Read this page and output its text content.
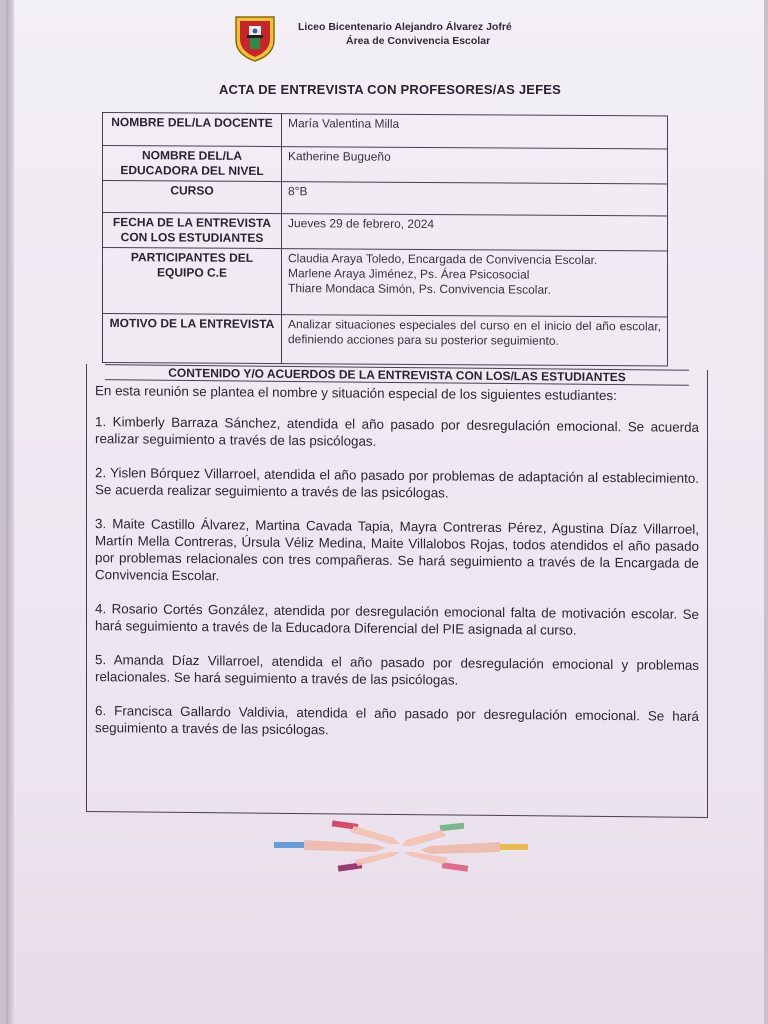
Liceo Bicentenario Alejandro Álvarez Jofré
Área de Convivencia Escolar
ACTA DE ENTREVISTA CON PROFESORES/AS JEFES
NOMBRE DEL/LA DOCENTE	María Valentina Milla
NOMBRE DEL/LA EDUCADORA DEL NIVEL	Katherine Bugueño
CURSO	8°B
FECHA DE LA ENTREVISTA CON LOS ESTUDIANTES	Jueves 29 de febrero, 2024
PARTICIPANTES DEL EQUIPO C.E	Claudia Araya Toledo, Encargada de Convivencia Escolar.
Marlene Araya Jiménez, Ps. Área Psicosocial
Thiare Mondaca Simón, Ps. Convivencia Escolar.

MOTIVO DE LA ENTREVISTA	Analizar situaciones especiales del curso en el inicio del año escolar, definiendo acciones para su posterior seguimiento.
CONTENIDO Y/O ACUERDOS DE LA ENTREVISTA CON LOS/LAS ESTUDIANTES

En esta reunión se plantea el nombre y situación especial de los siguientes estudiantes:

1. Kimberly Barraza Sánchez, atendida el año pasado por desregulación emocional. Se acuerda realizar seguimiento a través de las psicólogas.

2. Yislen Bórquez Villarroel, atendida el año pasado por problemas de adaptación al establecimiento. Se acuerda realizar seguimiento a través de las psicólogas.

3. Maite Castillo Álvarez, Martina Cavada Tapia, Mayra Contreras Pérez, Agustina Díaz Villarroel, Martín Mella Contreras, Úrsula Véliz Medina, Maite Villalobos Rojas, todos atendidos el año pasado por problemas relacionales con tres compañeras. Se hará seguimiento a través de la Encargada de Convivencia Escolar.

4. Rosario Cortés González, atendida por desregulación emocional falta de motivación escolar. Se hará seguimiento a través de la Educadora Diferencial del PIE asignada al curso.

5. Amanda Díaz Villarroel, atendida el año pasado por desregulación emocional y problemas relacionales. Se hará seguimiento a través de las psicólogas.

6. Francisca Gallardo Valdivia, atendida el año pasado por desregulación emocional. Se hará seguimiento a través de las psicólogas.
